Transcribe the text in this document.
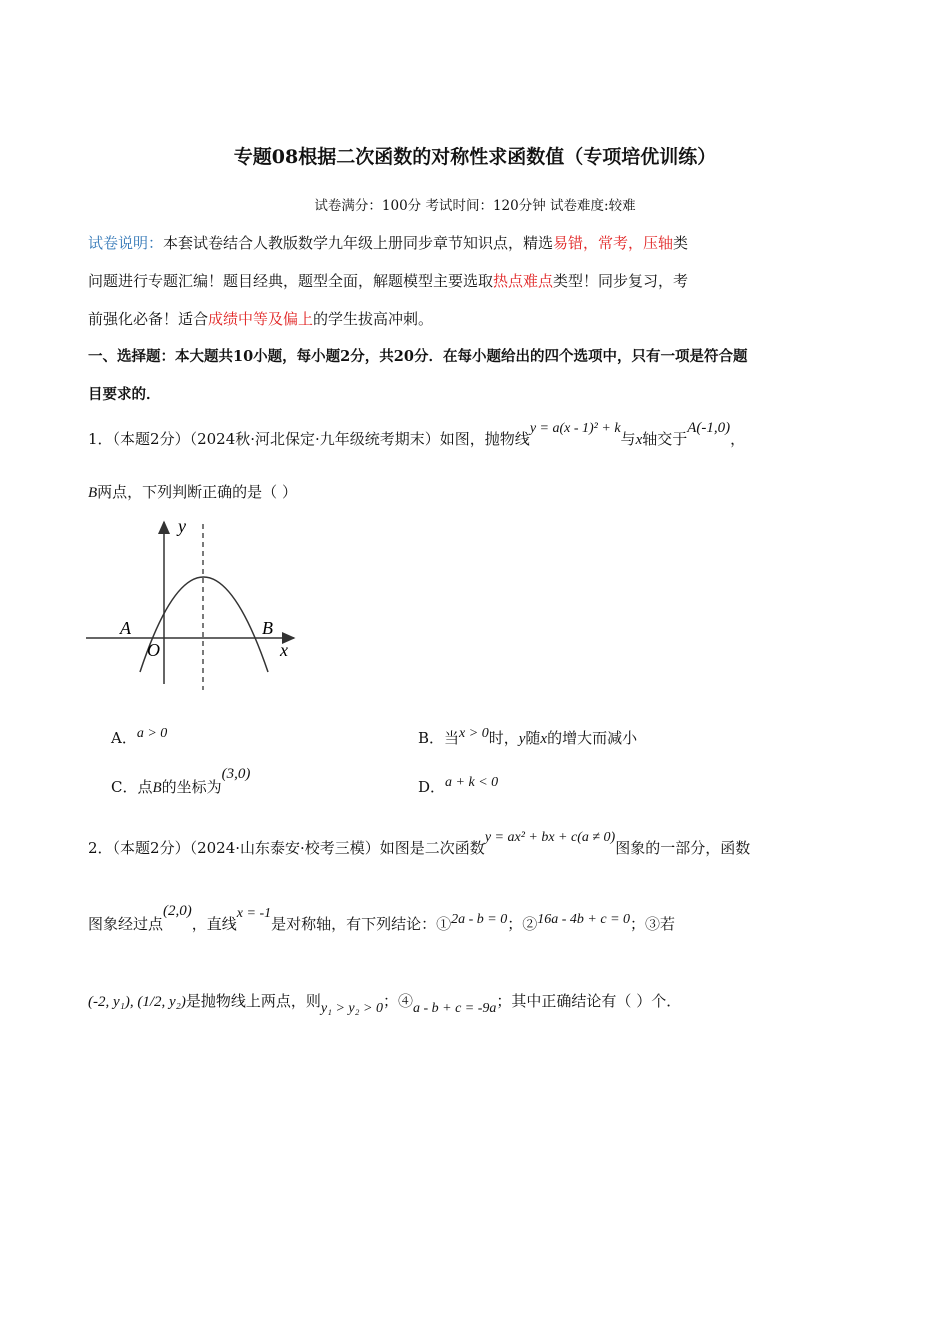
专题08根据二次函数的对称性求函数值（专项培优训练）
试卷满分：100分 考试时间：120分钟 试卷难度:较难
试卷说明：本套试卷结合人教版数学九年级上册同步章节知识点，精选易错，常考，压轴类
问题进行专题汇编！题目经典，题型全面，解题模型主要选取热点难点类型！同步复习，考
前强化必备！适合成绩中等及偏上的学生拔高冲刺。
一、选择题：本大题共10小题，每小题2分，共20分．在每小题给出的四个选项中，只有一项是符合题
目要求的．
1．（本题2分）（2024秋·河北保定·九年级统考期末）如图，抛物线y = a(x - 1)² + k与x轴交于A(-1,0)，
B两点，下列判断正确的是（ ）
y
x
A	B
O
A．a > 0	B．当x > 0时，y随x的增大而减小
C．点B的坐标为(3,0)
D．a + k < 0
2．（本题2分）（2024·山东泰安·校考三模）如图是二次函数y = ax² + bx + c(a ≠ 0)图象的一部分，函数
图象经过点(2,0)，直线x = -1是对称轴，有下列结论：①2a - b = 0；②16a - 4b + c = 0；③若
(-2, y₁), (1/2, y₂)是抛物线上两点，则y₁ > y₂ > 0；④a - b + c = -9a；其中正确结论有（ ）个．
